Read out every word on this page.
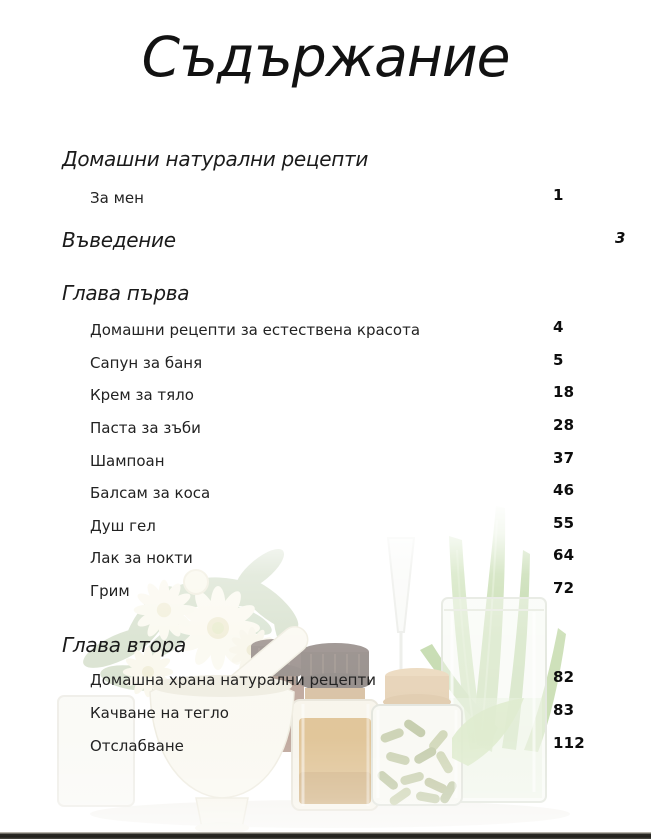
Съдържание
Домашни натурални рецепти
За мен	1
Въведение	3
Глава първа
Домашни рецепти за естествена красота	4
Сапун за баня	5
Крем за тяло	18
Паста за зъби	28
Шампоан	37
Балсам за коса	46
Душ гел	55
Лак за нокти	64
Грим	72
Глава втора
Домашна храна натурални рецепти	82
Качване на тегло	83
Отслабване	112
